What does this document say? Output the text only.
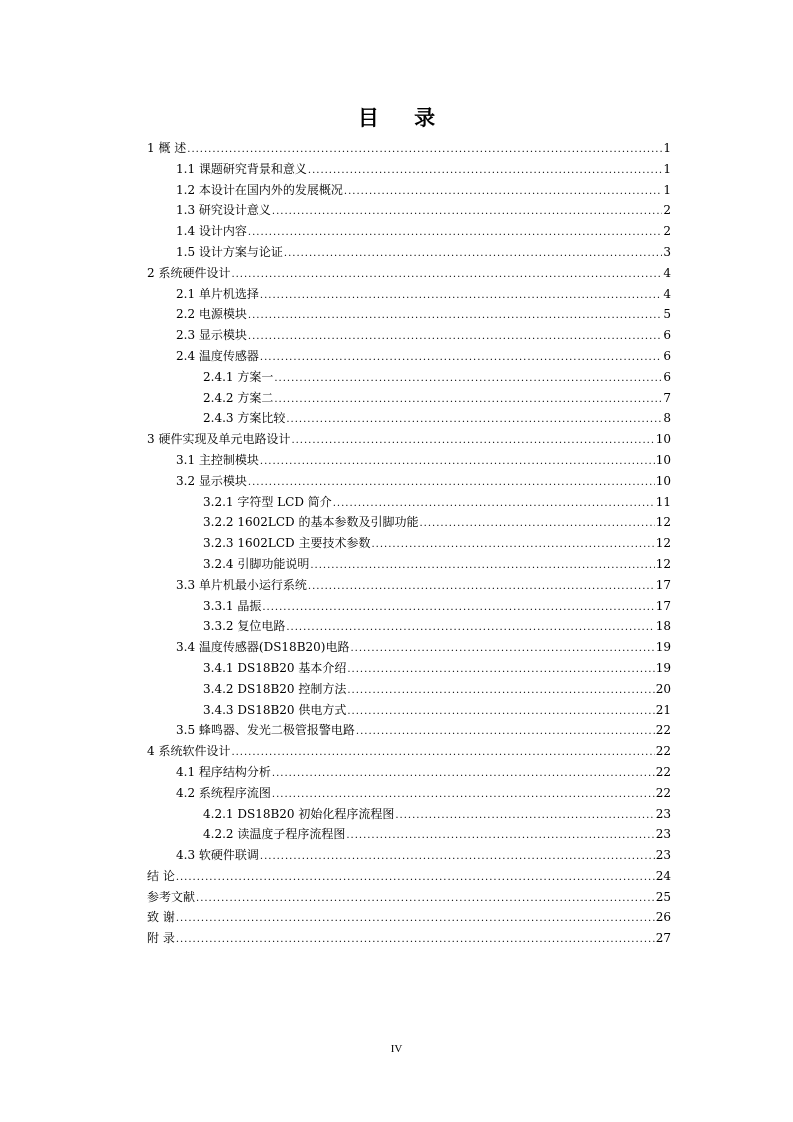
目 录
1 概 述 .....	1
1.1 课题研究背景和意义 .....	1
1.2 本设计在国内外的发展概况 .....	1
1.3 研究设计意义 .....	2
1.4 设计内容 .....	2
1.5 设计方案与论证 .....	3
2 系统硬件设计 .....	4
2.1 单片机选择 .....	4
2.2 电源模块 .....	5
2.3 显示模块 .....	6
2.4 温度传感器 .....	6
2.4.1 方案一 .....	6
2.4.2 方案二 .....	7
2.4.3 方案比较 .....	8
3 硬件实现及单元电路设计 .....	10
3.1 主控制模块 .....	10
3.2 显示模块 .....	10
3.2.1 字符型 LCD 简介 .....	11
3.2.2 1602LCD 的基本参数及引脚功能 .....	12
3.2.3 1602LCD 主要技术参数 .....	12
3.2.4 引脚功能说明 .....	12
3.3 单片机最小运行系统 .....	17
3.3.1 晶振 .....	17
3.3.2 复位电路 .....	18
3.4 温度传感器(DS18B20)电路 .....	19
3.4.1 DS18B20 基本介绍 .....	19
3.4.2 DS18B20 控制方法 .....	20
3.4.3 DS18B20 供电方式 .....	21
3.5 蜂鸣器、发光二极管报警电路 .....	22
4 系统软件设计 .....	22
4.1 程序结构分析 .....	22
4.2 系统程序流图 .....	22
4.2.1 DS18B20 初始化程序流程图 .....	23
4.2.2 读温度子程序流程图 .....	23
4.3 软硬件联调 .....	23
结 论 .....	24
参考文献 .....	25
致 谢 .....	26
附 录 .....	27
IV
